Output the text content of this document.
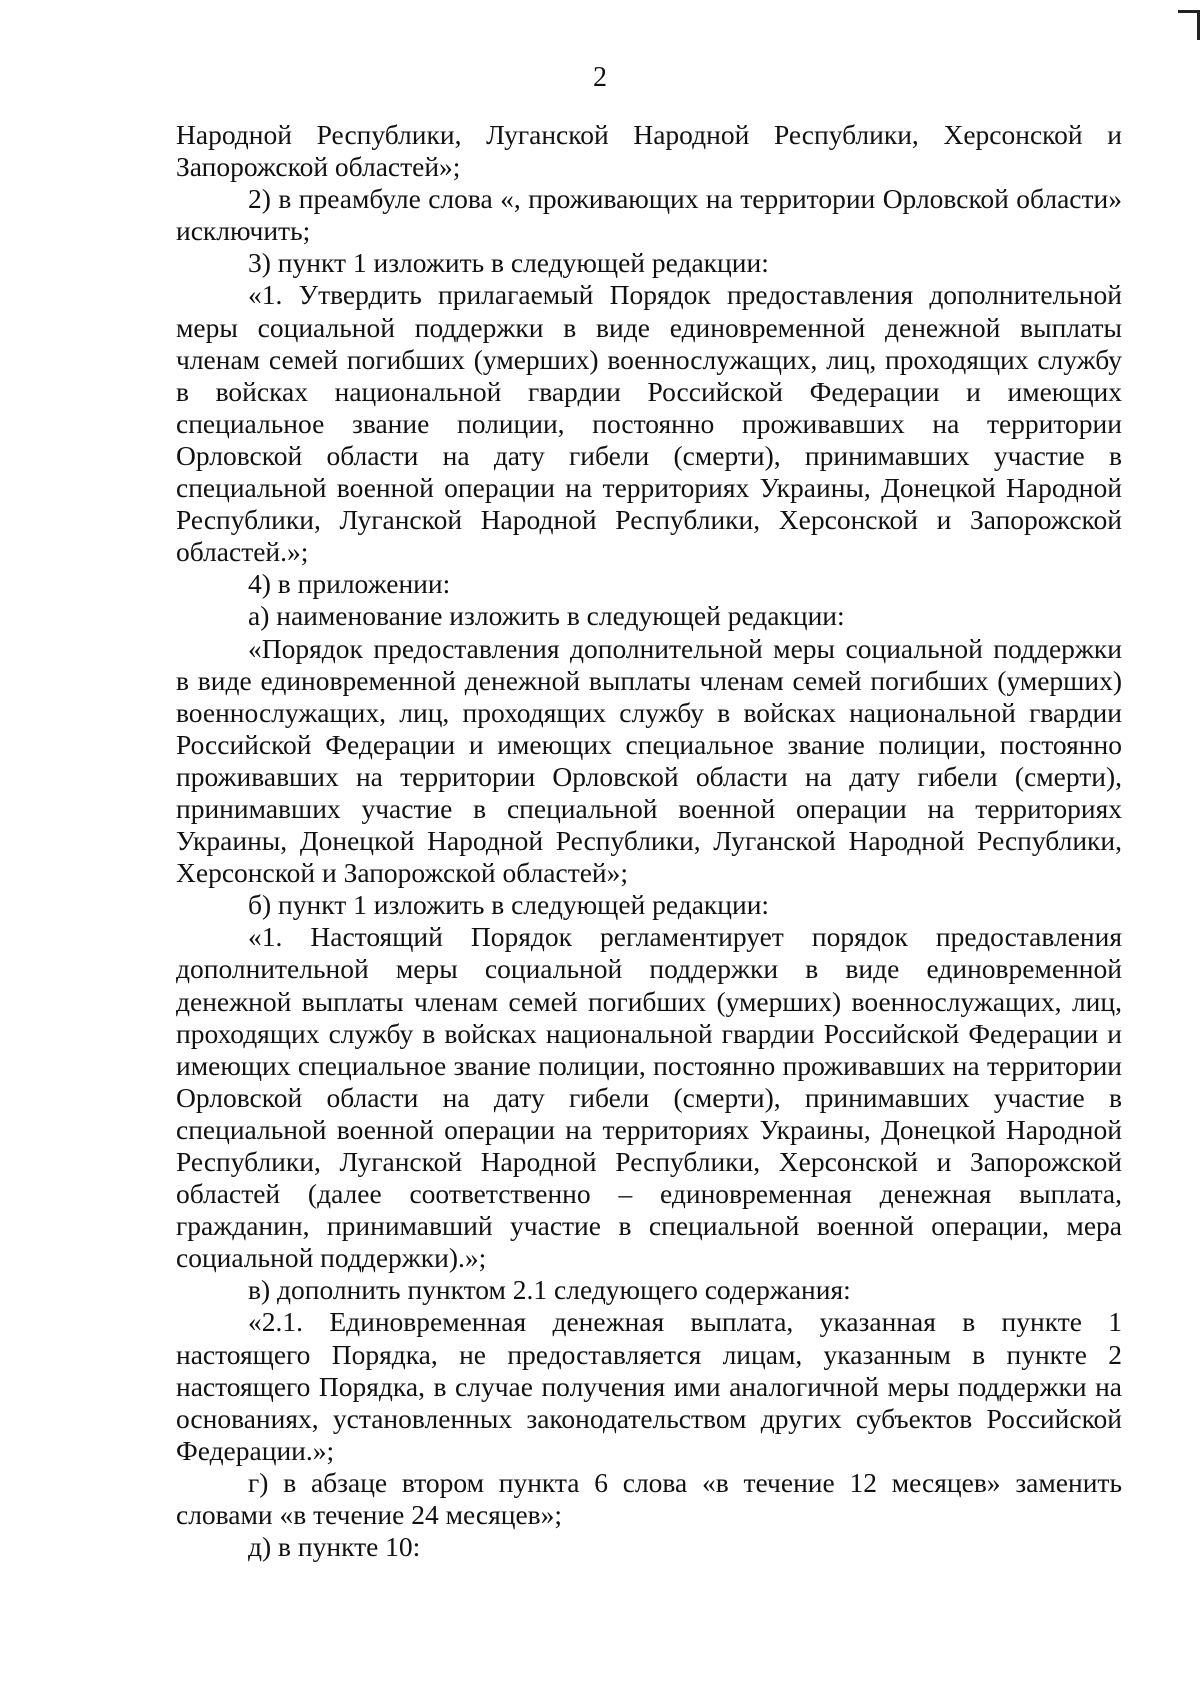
2

Народной Республики, Луганской Народной Республики, Херсонской и Запорожской областей»;

2) в преамбуле слова «, проживающих на территории Орловской области» исключить;

3) пункт 1 изложить в следующей редакции:

«1. Утвердить прилагаемый Порядок предоставления дополнительной меры социальной поддержки в виде единовременной денежной выплаты членам семей погибших (умерших) военнослужащих, лиц, проходящих службу в войсках национальной гвардии Российской Федерации и имеющих специальное звание полиции, постоянно проживавших на территории Орловской области на дату гибели (смерти), принимавших участие в специальной военной операции на территориях Украины, Донецкой Народной Республики, Луганской Народной Республики, Херсонской и Запорожской областей.»;

4) в приложении:

а) наименование изложить в следующей редакции:

«Порядок предоставления дополнительной меры социальной поддержки в виде единовременной денежной выплаты членам семей погибших (умерших) военнослужащих, лиц, проходящих службу в войсках национальной гвардии Российской Федерации и имеющих специальное звание полиции, постоянно проживавших на территории Орловской области на дату гибели (смерти), принимавших участие в специальной военной операции на территориях Украины, Донецкой Народной Республики, Луганской Народной Республики, Херсонской и Запорожской областей»;

б) пункт 1 изложить в следующей редакции:

«1. Настоящий Порядок регламентирует порядок предоставления дополнительной меры социальной поддержки в виде единовременной денежной выплаты членам семей погибших (умерших) военнослужащих, лиц, проходящих службу в войсках национальной гвардии Российской Федерации и имеющих специальное звание полиции, постоянно проживавших на территории Орловской области на дату гибели (смерти), принимавших участие в специальной военной операции на территориях Украины, Донецкой Народной Республики, Луганской Народной Республики, Херсонской и Запорожской областей (далее соответственно – единовременная денежная выплата, гражданин, принимавший участие в специальной военной операции, мера социальной поддержки).»;

в) дополнить пунктом 2.1 следующего содержания:

«2.1. Единовременная денежная выплата, указанная в пункте 1 настоящего Порядка, не предоставляется лицам, указанным в пункте 2 настоящего Порядка, в случае получения ими аналогичной меры поддержки на основаниях, установленных законодательством других субъектов Российской Федерации.»;

г) в абзаце втором пункта 6 слова «в течение 12 месяцев» заменить словами «в течение 24 месяцев»;

д) в пункте 10:
